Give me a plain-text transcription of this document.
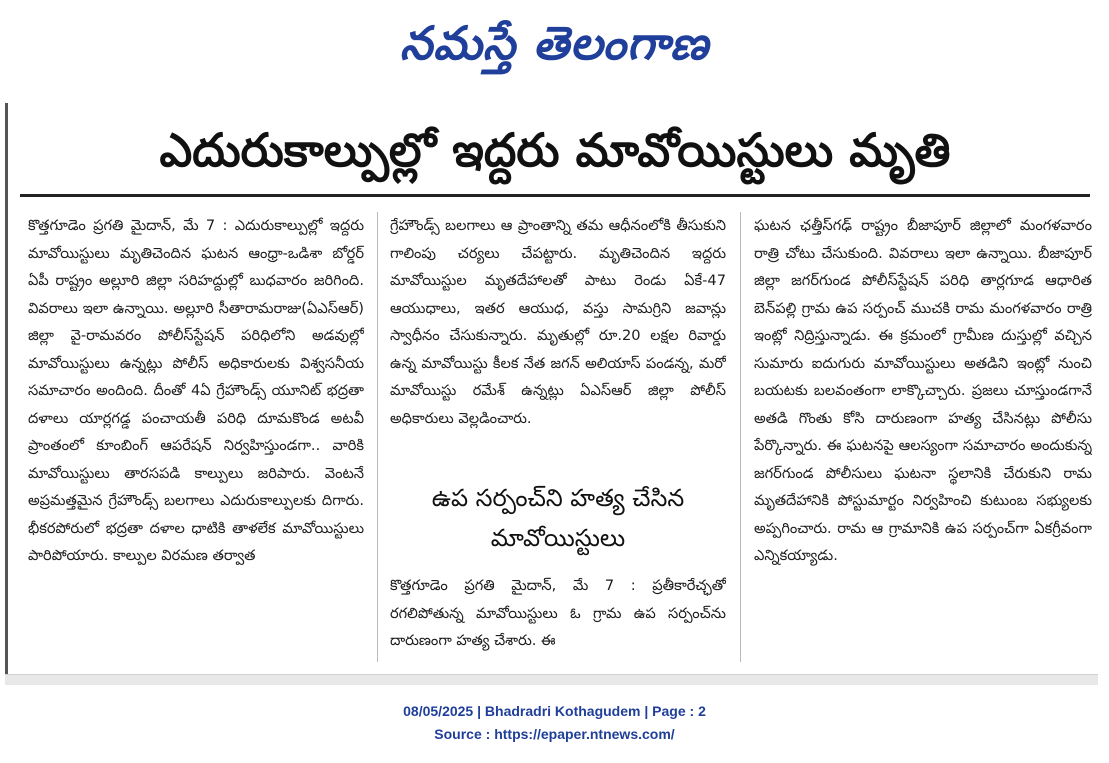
నమస్తే తెలంగాణ
ఎదురుకాల్పుల్లో ఇద్దరు మావోయిస్టులు మృతి
కొత్తగూడెం ప్రగతి మైదాన్, మే 7 : ఎదురుకాల్పుల్లో ఇద్దరు మావోయిస్టులు మృతిచెందిన ఘటన ఆంధ్రా-ఒడిశా బోర్డర్ ఏపీ రాష్ట్రం అల్లూరి జిల్లా సరిహద్దుల్లో బుధవారం జరిగింది. వివరాలు ఇలా ఉన్నాయి. అల్లూరి సీతారామరాజు(ఏఎస్ఆర్) జిల్లా వై-రామవరం పోలీస్‌స్టేషన్ పరిధిలోని అడవుల్లో మావోయిస్టులు ఉన్నట్లు పోలీస్ అధికారులకు విశ్వసనీయ సమాచారం అందింది. దీంతో 4ఏ గ్రేహౌండ్స్ యూనిట్ భద్రతా దళాలు యార్లగడ్డ పంచాయతీ పరిధి దూమకొండ అటవీ ప్రాంతంలో కూంబింగ్ ఆపరేషన్ నిర్వహిస్తుండగా.. వారికి మావోయిస్టులు తారసపడి కాల్పులు జరిపారు. వెంటనే అప్రమత్తమైన గ్రేహౌండ్స్ బలగాలు ఎదురుకాల్పులకు దిగారు. భీకరపోరులో భద్రతా దళాల ధాటికి తాళలేక మావోయిస్టులు పారిపోయారు. కాల్పుల విరమణ తర్వాత
గ్రేహౌండ్స్ బలగాలు ఆ ప్రాంతాన్ని తమ ఆధీనంలోకి తీసుకుని గాలింపు చర్యలు చేపట్టారు. మృతిచెందిన ఇద్దరు మావోయిస్టుల మృతదేహాలతో పాటు రెండు ఏకే-47 ఆయుధాలు, ఇతర ఆయుధ, వస్తు సామగ్రిని జవాన్లు స్వాధీనం చేసుకున్నారు. మృతుల్లో రూ.20 లక్షల రివార్డు ఉన్న మావోయిస్టు కీలక నేత జగన్ అలియాస్ పండన్న, మరో మావోయిస్టు రమేశ్ ఉన్నట్లు ఏఎస్ఆర్ జిల్లా పోలీస్ అధికారులు వెల్లడించారు.
ఉప సర్పంచ్‌ని హత్య చేసిన మావోయిస్టులు
కొత్తగూడెం ప్రగతి మైదాన్, మే 7 : ప్రతీకారేచ్ఛతో రగలిపోతున్న మావోయిస్టులు ఓ గ్రామ ఉప సర్పంచ్‌ను దారుణంగా హత్య చేశారు. ఈ
ఘటన ఛత్తీస్‌గఢ్ రాష్ట్రం బీజాపూర్ జిల్లాలో మంగళవారం రాత్రి చోటు చేసుకుంది. వివరాలు ఇలా ఉన్నాయి. బీజాపూర్ జిల్లా జగర్‌గుండ పోలీస్‌స్టేషన్ పరిధి తార్లగూడ ఆధారిత బెన్‌పల్లి గ్రామ ఉప సర్పంచ్ ముచకి రామ మంగళవారం రాత్రి ఇంట్లో నిద్రిస్తున్నాడు. ఈ క్రమంలో గ్రామీణ దుస్తుల్లో వచ్చిన సుమారు ఐదుగురు మావోయిస్టులు అతడిని ఇంట్లో నుంచి బయటకు బలవంతంగా లాక్కొచ్చారు. ప్రజలు చూస్తుండగానే అతడి గొంతు కోసి దారుణంగా హత్య చేసినట్లు పోలీసు పేర్కొన్నారు. ఈ ఘటనపై ఆలస్యంగా సమాచారం అందుకున్న జగర్‌గుండ పోలీసులు ఘటనా స్థలానికి చేరుకుని రామ మృతదేహానికి పోస్టుమార్టం నిర్వహించి కుటుంబ సభ్యులకు అప్పగించారు. రామ ఆ గ్రామానికి ఉప సర్పంచ్‌గా ఏకగ్రీవంగా ఎన్నికయ్యాడు.
08/05/2025 | Bhadradri Kothagudem | Page : 2
Source : https://epaper.ntnews.com/
